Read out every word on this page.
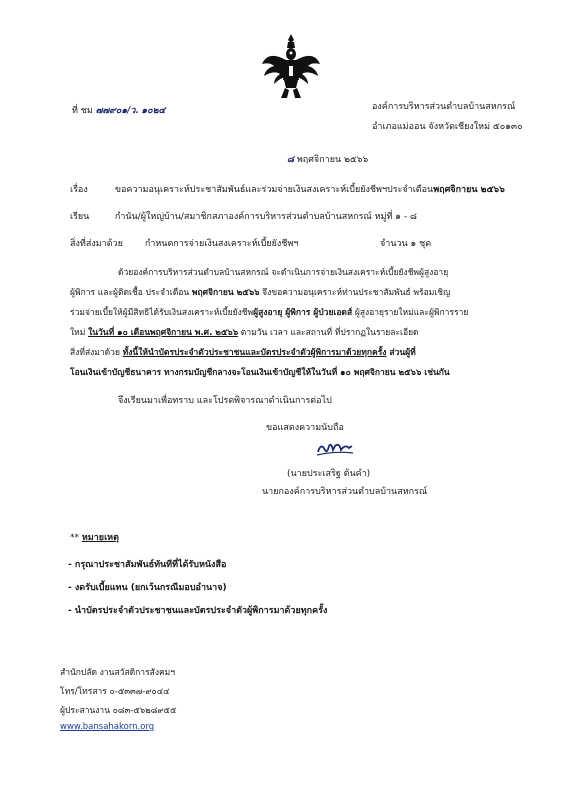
ที่ ชม ๗๗๙๐๑/ว. ๑๐๒๔	องค์การบริหารส่วนตำบลบ้านสหกรณ์
อำเภอแม่ออน จังหวัดเชียงใหม่ ๕๐๑๓๐
๘ พฤศจิกายน ๒๕๖๖
เรื่อง	ขอความอนุเคราะห์ประชาสัมพันธ์และร่วมจ่ายเงินสงเคราะห์เบี้ยยังชีพฯประจำเดือนพฤศจิกายน ๒๕๖๖
เรียน	กำนัน/ผู้ใหญ่บ้าน/สมาชิกสภาองค์การบริหารส่วนตำบลบ้านสหกรณ์ หมู่ที่ ๑ - ๘
สิ่งที่ส่งมาด้วย กำหนดการจ่ายเงินสงเคราะห์เบี้ยยังชีพฯ	จำนวน ๑ ชุด
ด้วยองค์การบริหารส่วนตำบลบ้านสหกรณ์ จะดำเนินการจ่ายเงินสงเคราะห์เบี้ยยังชีพผู้สูงอายุ
ผู้พิการ และผู้ติดเชื้อ ประจำเดือน พฤศจิกายน ๒๕๖๖ จึงขอความอนุเคราะห์ท่านประชาสัมพันธ์ พร้อมเชิญ
ร่วมจ่ายเบี้ยให้ผู้มีสิทธิได้รับเงินสงเคราะห์เบี้ยยังชีพผู้สูงอายุ ผู้พิการ ผู้ป่วยเอดส์ ผู้สูงอายุรายใหม่และผู้พิการราย
ใหม่ ในวันที่ ๑๐ เดือนพฤศจิกายน พ.ศ. ๒๕๖๖ ตามวัน เวลา และสถานที่ ที่ปรากฏในรายละเอียด
สิ่งที่ส่งมาด้วย ทั้งนี้ให้นำบัตรประจำตัวประชาชนและบัตรประจำตัวผู้พิการมาด้วยทุกครั้ง ส่วนผู้ที่
โอนเงินเข้าบัญชีธนาคาร ทางกรมบัญชีกลางจะโอนเงินเข้าบัญชีให้ในวันที่ ๑๐ พฤศจิกายน ๒๕๖๖ เช่นกัน
จึงเรียนมาเพื่อทราบ และโปรดพิจารณาดำเนินการต่อไป
ขอแสดงความนับถือ
(นายประเสริฐ ต้นคำ)
นายกองค์การบริหารส่วนตำบลบ้านสหกรณ์
** หมายเหตุ
- กรุณาประชาสัมพันธ์ทันทีที่ได้รับหนังสือ
- งดรับเบี้ยแทน (ยกเว้นกรณีมอบอำนาจ)
- นำบัตรประจำตัวประชาชนและบัตรประจำตัวผู้พิการมาด้วยทุกครั้ง
สำนักปลัด งานสวัสดิการสังคมฯ
โทร/โทรสาร ๐-๕๓๓๗-๙๐๔๔
ผู้ประสานงาน ๐๘๓-๕๖๒๘๙๕๕
www.bansahakorn.org
